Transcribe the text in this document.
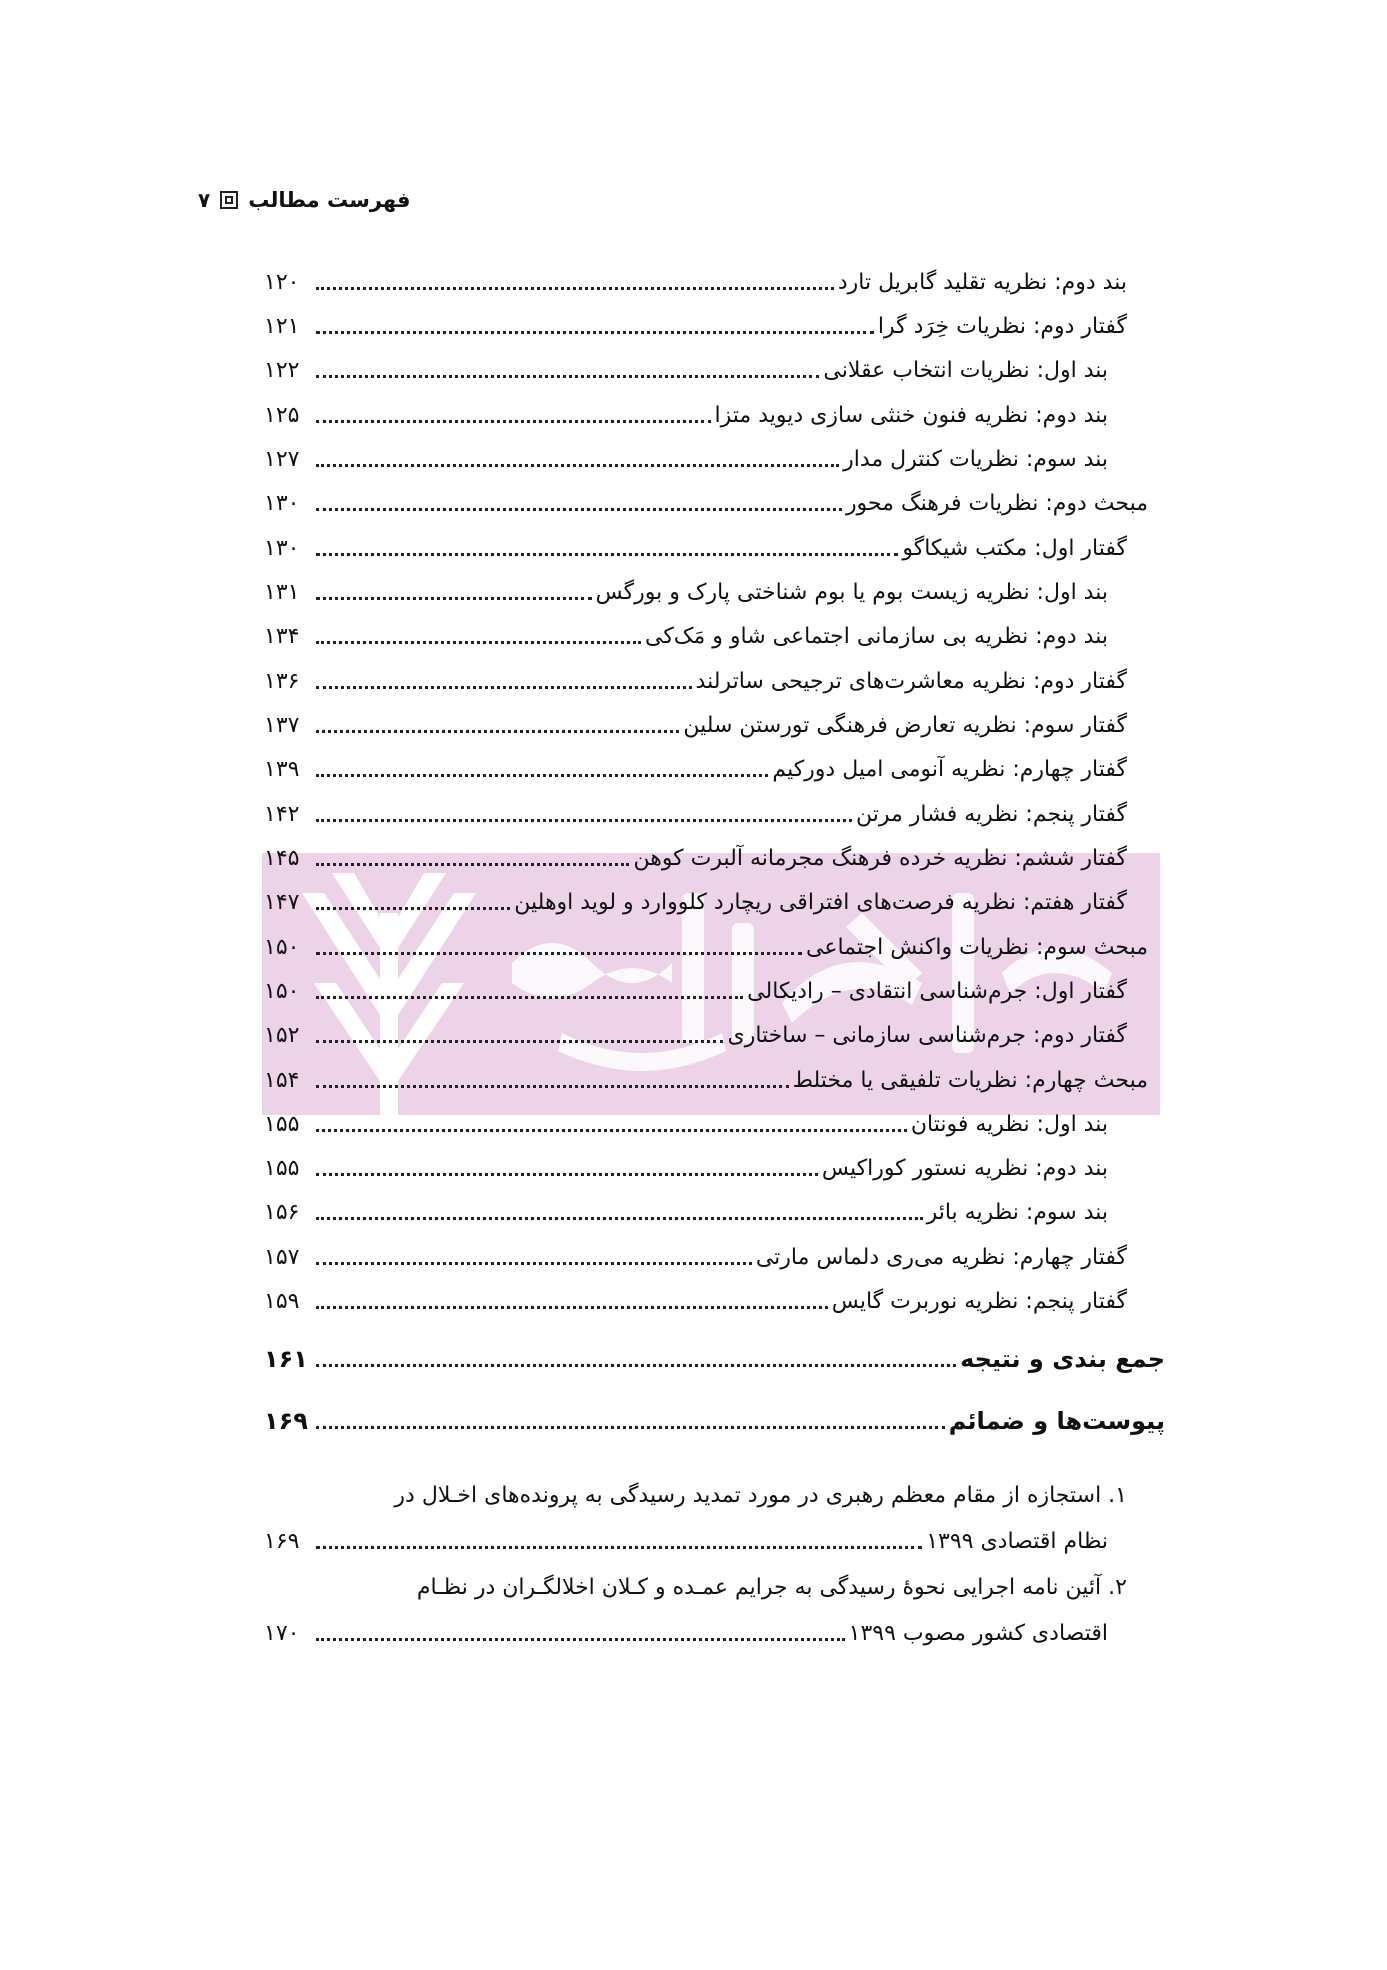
۷ فهرست مطالب
بند دوم: نظریه تقلید گابریل تارد
۱۲۰
گفتار دوم: نظریات خِرَد گرا
۱۲۱
بند اول: نظریات انتخاب عقلانی
۱۲۲
بند دوم: نظریه فنون خنثی سازی دیوید متزا
۱۲۵
بند سوم: نظریات کنترل مدار
۱۲۷
مبحث دوم: نظریات فرهنگ محور
۱۳۰
گفتار اول: مکتب شیکاگو
۱۳۰
بند اول: نظریه زیست بوم یا بوم شناختی پارک و بورگس
۱۳۱
بند دوم: نظریه بی سازمانی اجتماعی شاو و مَک‌کی
۱۳۴
گفتار دوم: نظریه معاشرت‌های ترجیحی ساترلند
۱۳۶
گفتار سوم: نظریه تعارض فرهنگی تورستن سلین
۱۳۷
گفتار چهارم: نظریه آنومی امیل دورکیم
۱۳۹
گفتار پنجم: نظریه فشار مرتن
۱۴۲
گفتار ششم: نظریه خرده فرهنگ مجرمانه آلبرت کوهن
۱۴۵
گفتار هفتم: نظریه فرصت‌های افتراقی ریچارد کلووارد و لوید اوهلین
۱۴۷
مبحث سوم: نظریات واکنش اجتماعی
۱۵۰
گفتار اول: جرم‌شناسی انتقادی – رادیکالی
۱۵۰
گفتار دوم: جرم‌شناسی سازمانی – ساختاری
۱۵۲
مبحث چهارم: نظریات تلفیقی یا مختلط
۱۵۴
بند اول: نظریه فونتان
۱۵۵
بند دوم: نظریه نستور کوراکیس
۱۵۵
بند سوم: نظریه بائر
۱۵۶
گفتار چهارم: نظریه می‌ری دلماس مارتی
۱۵۷
گفتار پنجم: نظریه نوربرت گایس
۱۵۹
جمع بندی و نتیجه
۱۶۱
پیوست‌ها و ضمائم
۱۶۹
۱. استجازه از مقام معظم رهبری در مورد تمدید رسیدگی به پرونده‌های اخـلال در
نظام اقتصادی ۱۳۹۹
۱۶۹
۲. آئین نامه اجرایی نحوهٔ رسیدگی به جرایم عمـده و کـلان اخلالگـران در نظـام
اقتصادی کشور مصوب ۱۳۹۹
۱۷۰
